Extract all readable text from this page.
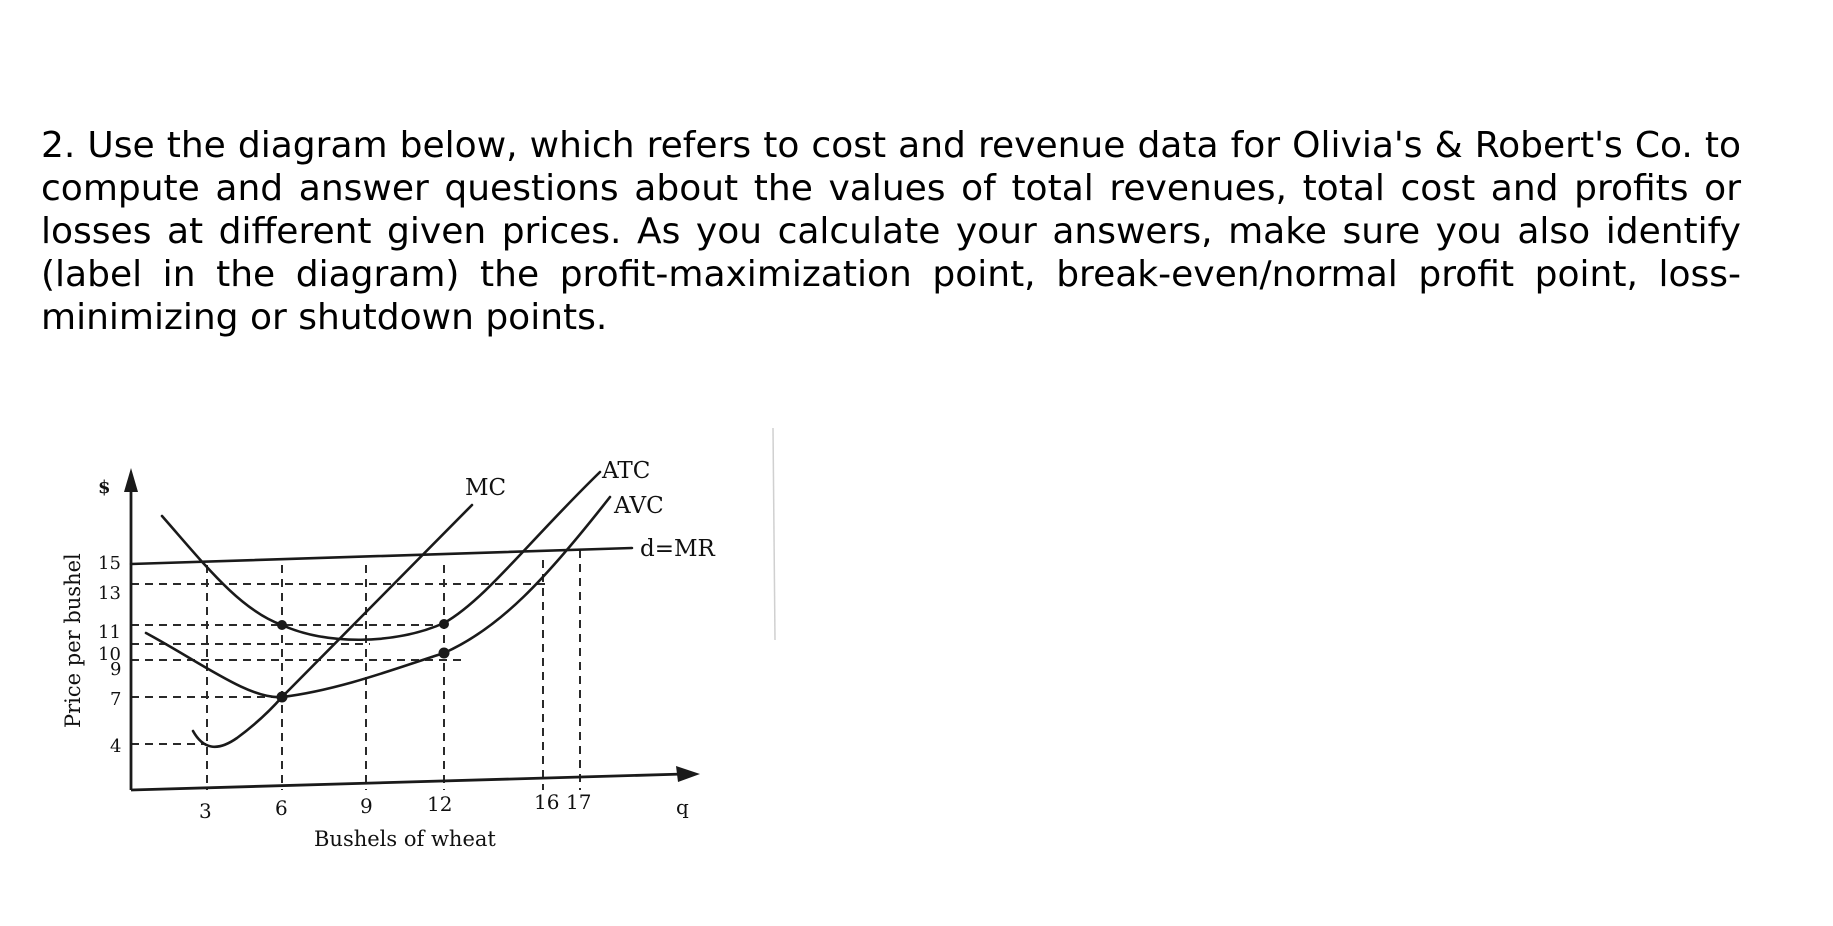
2. Use the diagram below, which refers to cost and revenue data for Olivia's & Robert's Co. to compute and answer questions about the values of total revenues, total cost and profits or losses at different given prices. As you calculate your answers, make sure you also identify (label in the diagram) the profit-maximization point, break-even/normal profit point, loss-minimizing or shutdown points.

$
q
4
7
9
10
11
13
15
3	6	9	12	16 17
MC
ATC
AVC
d=MR
Price per bushel
Bushels of wheat
